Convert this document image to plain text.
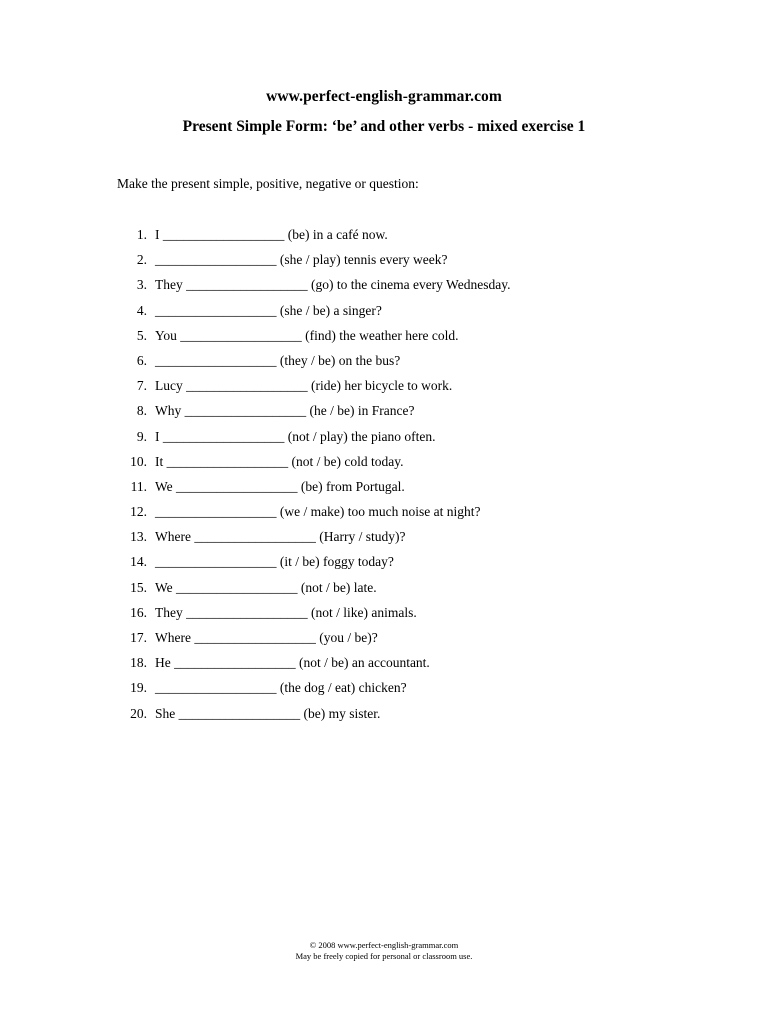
www.perfect-english-grammar.com
Present Simple Form: ‘be’ and other verbs - mixed exercise 1
Make the present simple, positive, negative or question:
1. I __________________ (be) in a café now.
2. __________________ (she / play) tennis every week?
3. They __________________ (go) to the cinema every Wednesday.
4. __________________ (she / be) a singer?
5. You __________________ (find) the weather here cold.
6. __________________ (they / be) on the bus?
7. Lucy __________________ (ride) her bicycle to work.
8. Why __________________ (he / be) in France?
9. I __________________ (not / play) the piano often.
10. It __________________ (not / be) cold today.
11. We __________________ (be) from Portugal.
12. __________________ (we / make) too much noise at night?
13. Where __________________ (Harry / study)?
14. __________________ (it / be) foggy today?
15. We __________________ (not / be) late.
16. They __________________ (not / like) animals.
17. Where __________________ (you / be)?
18. He __________________ (not / be) an accountant.
19. __________________ (the dog / eat) chicken?
20. She __________________ (be) my sister.
© 2008 www.perfect-english-grammar.com
May be freely copied for personal or classroom use.
